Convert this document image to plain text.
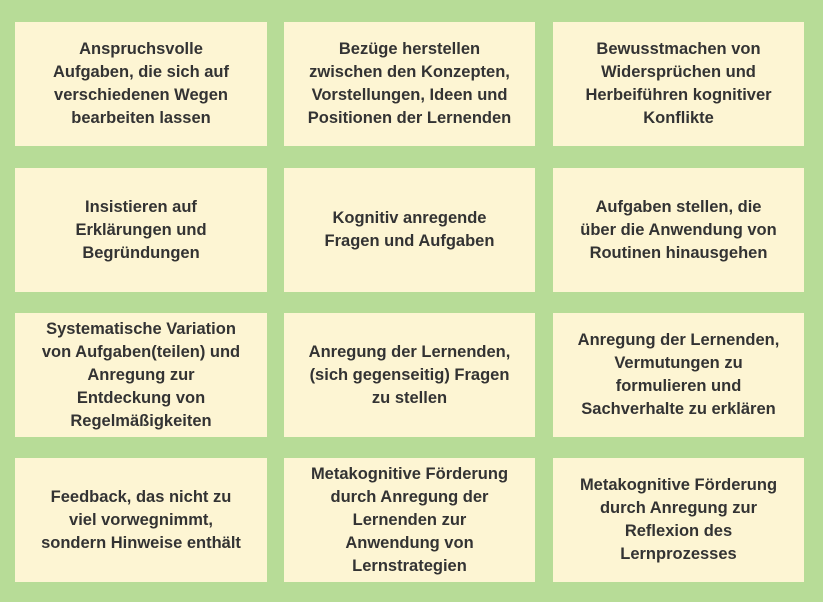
Anspruchsvolle
Aufgaben, die sich auf
verschiedenen Wegen
bearbeiten lassen
Bezüge herstellen
zwischen den Konzepten,
Vorstellungen, Ideen und
Positionen der Lernenden
Bewusstmachen von
Widersprüchen und
Herbeiführen kognitiver
Konflikte
Insistieren auf
Erklärungen und
Begründungen
Kognitiv anregende
Fragen und Aufgaben
Aufgaben stellen, die
über die Anwendung von
Routinen hinausgehen
Systematische Variation
von Aufgaben(teilen) und
Anregung zur
Entdeckung von
Regelmäßigkeiten
Anregung der Lernenden,
(sich gegenseitig) Fragen
zu stellen
Anregung der Lernenden,
Vermutungen zu
formulieren und
Sachverhalte zu erklären
Feedback, das nicht zu
viel vorwegnimmt,
sondern Hinweise enthält
Metakognitive Förderung
durch Anregung der
Lernenden zur
Anwendung von
Lernstrategien
Metakognitive Förderung
durch Anregung zur
Reflexion des
Lernprozesses
